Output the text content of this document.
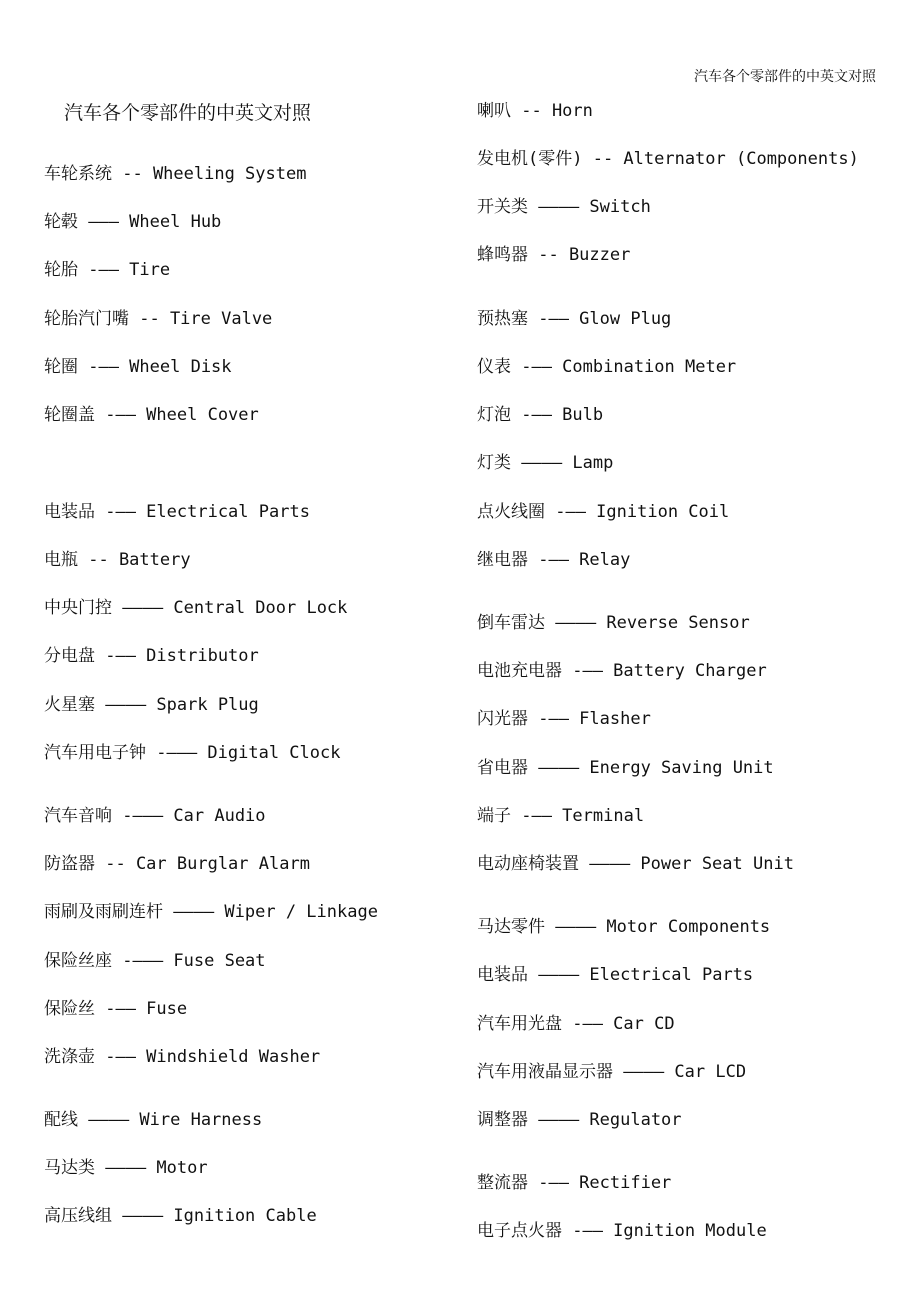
汽车各个零部件的中英文对照
汽车各个零部件的中英文对照
车轮系统 -- Wheeling System
轮毂 ——— Wheel Hub
轮胎 -—— Tire
轮胎汽门嘴 -- Tire Valve
轮圈 -—— Wheel Disk
轮圈盖 -—— Wheel Cover
电装品 -—— Electrical Parts
电瓶 -- Battery
中央门控 ———— Central Door Lock
分电盘 -—— Distributor
火星塞 ———— Spark Plug
汽车用电子钟 -——— Digital Clock
汽车音响 -——— Car Audio
防盗器 -- Car Burglar Alarm
雨刷及雨刷连杆 ———— Wiper / Linkage
保险丝座 -——— Fuse Seat
保险丝 -—— Fuse
洗涤壶 -—— Windshield Washer
配线 ———— Wire Harness
马达类 ———— Motor
高压线组 ———— Ignition Cable
喇叭 -- Horn
发电机(零件) -- Alternator (Components)
开关类 ———— Switch
蜂鸣器 -- Buzzer
预热塞 -—— Glow Plug
仪表 -—— Combination Meter
灯泡 -—— Bulb
灯类 ———— Lamp
点火线圈 -—— Ignition Coil
继电器 -—— Relay
倒车雷达 ———— Reverse Sensor
电池充电器 -—— Battery Charger
闪光器 -—— Flasher
省电器 ———— Energy Saving Unit
端子 -—— Terminal
电动座椅装置 ———— Power Seat Unit
马达零件 ———— Motor Components
电装品 ———— Electrical Parts
汽车用光盘 -—— Car CD
汽车用液晶显示器 ———— Car LCD
调整器 ———— Regulator
整流器 -—— Rectifier
电子点火器 -—— Ignition Module
